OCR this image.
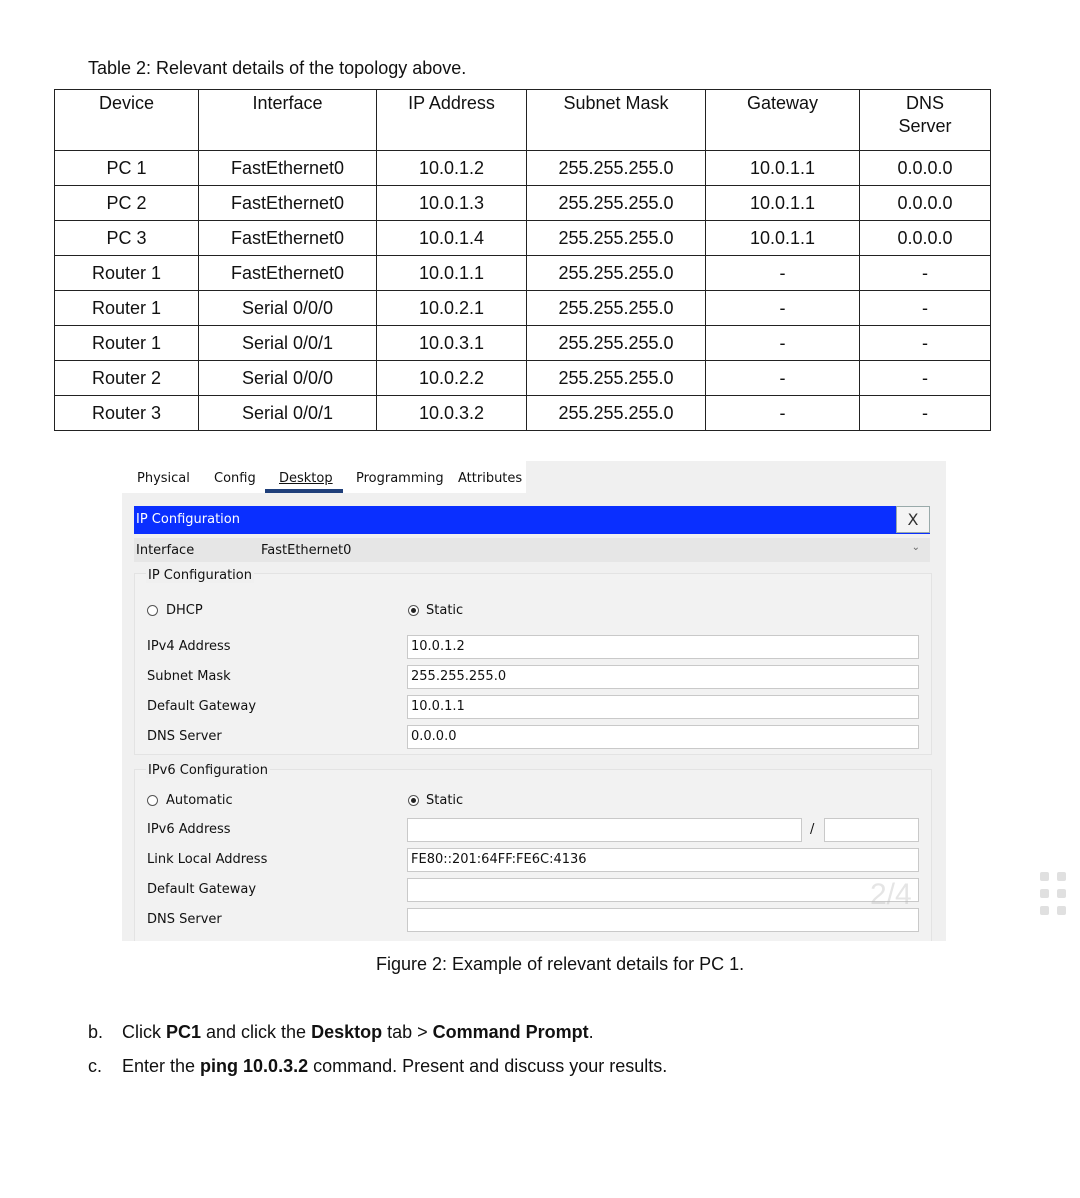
Table 2: Relevant details of the topology above.
Device	Interface	IP Address	Subnet Mask	Gateway	DNS
Server

PC 1	FastEthernet0	10.0.1.2	255.255.255.0	10.0.1.1	0.0.0.0
PC 2	FastEthernet0	10.0.1.3	255.255.255.0	10.0.1.1	0.0.0.0
PC 3	FastEthernet0	10.0.1.4	255.255.255.0	10.0.1.1	0.0.0.0
Router 1	FastEthernet0	10.0.1.1	255.255.255.0	-	-
Router 1	Serial 0/0/0	10.0.2.1	255.255.255.0	-	-
Router 1	Serial 0/0/1	10.0.3.1	255.255.255.0	-	-
Router 2	Serial 0/0/0	10.0.2.2	255.255.255.0	-	-
Router 3	Serial 0/0/1	10.0.3.2	255.255.255.0	-	-
Physical Config Desktop Programming Attributes
IP Configuration	X
Interface	FastEthernet0	⌄
IP Configuration
DHCP	Static
IPv4 Address	10.0.1.2
Subnet Mask	255.255.255.0
Default Gateway	10.0.1.1
DNS Server	0.0.0.0
IPv6 Configuration
Automatic	Static
IPv6 Address	/
Link Local Address	FE80::201:64FF:FE6C:4136
Default Gateway
DNS Server
2/4
Figure 2: Example of relevant details for PC 1.
b. Click PC1 and click the Desktop tab > Command Prompt.
c. Enter the ping 10.0.3.2 command. Present and discuss your results.
